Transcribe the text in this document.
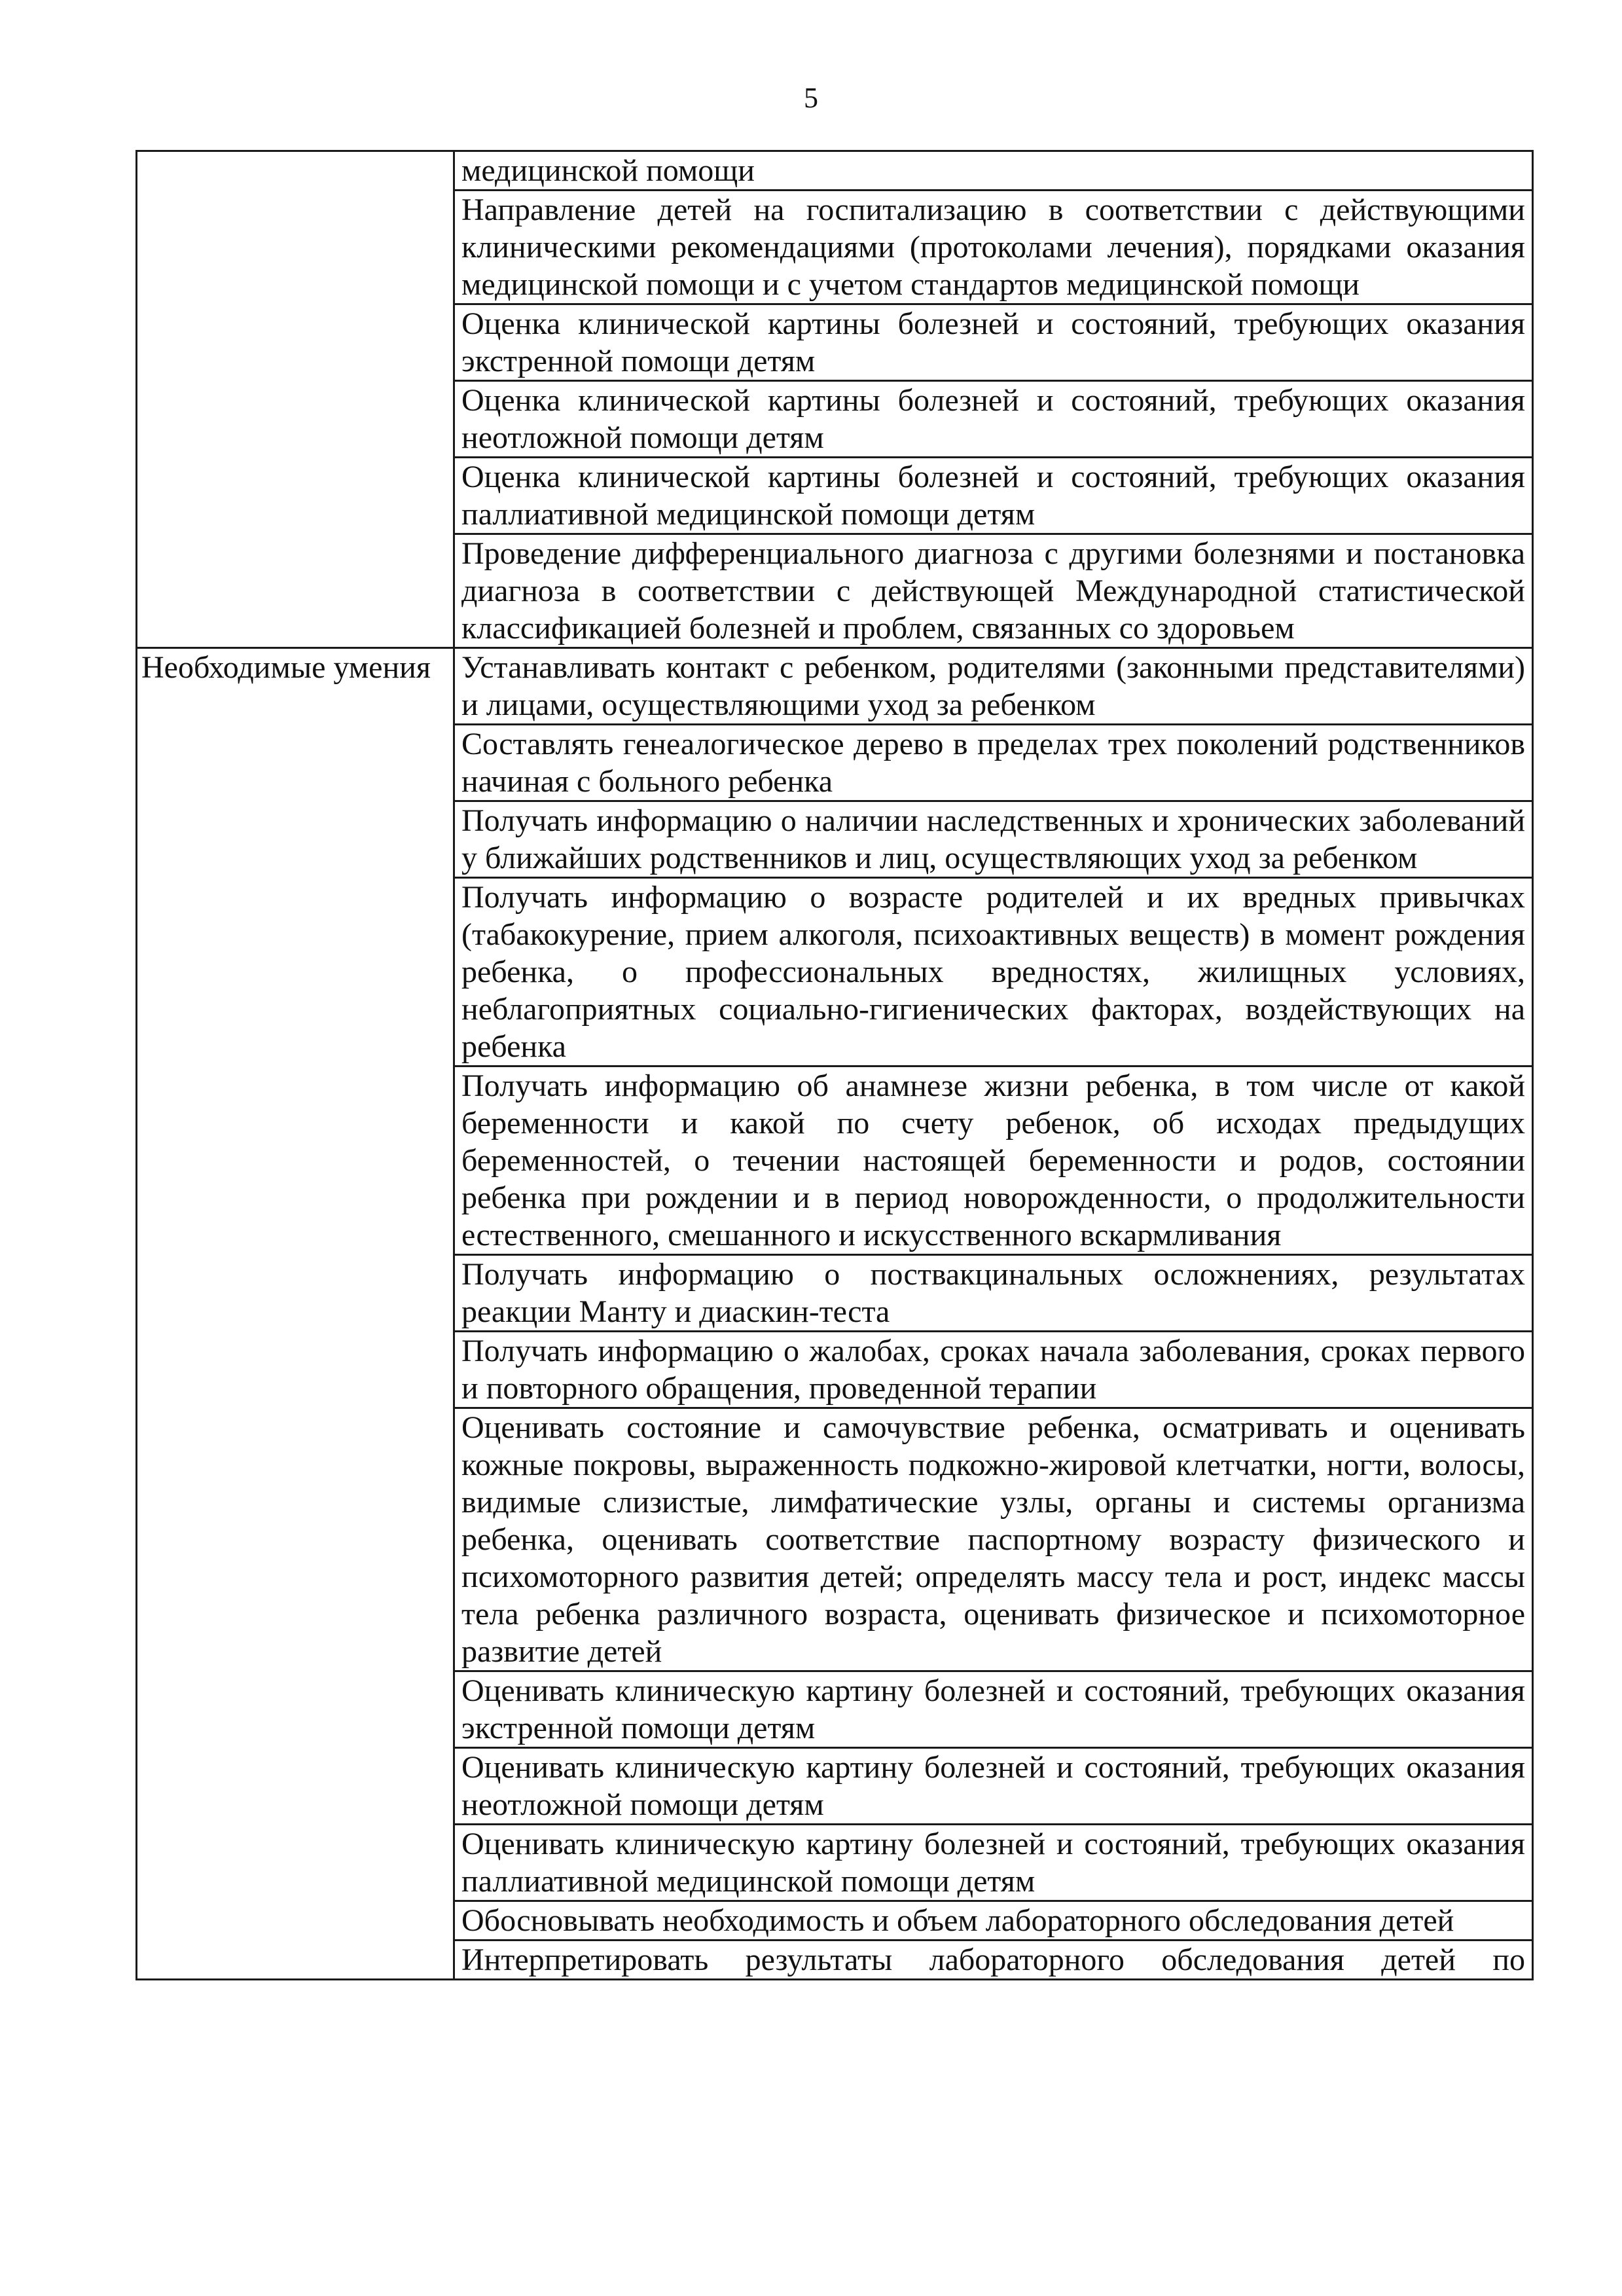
5
	медицинской помощи
	Направление детей на госпитализацию в соответствии с действующими клиническими рекомендациями (протоколами лечения), порядками оказания медицинской помощи и с учетом стандартов медицинской помощи
	Оценка клинической картины болезней и состояний, требующих оказания экстренной помощи детям
	Оценка клинической картины болезней и состояний, требующих оказания неотложной помощи детям
	Оценка клинической картины болезней и состояний, требующих оказания паллиативной медицинской помощи детям
	Проведение дифференциального диагноза с другими болезнями и постановка диагноза в соответствии с действующей Международной статистической классификацией болезней и проблем, связанных со здоровьем
Необходимые умения	Устанавливать контакт с ребенком, родителями (законными представителями) и лицами, осуществляющими уход за ребенком
	Составлять генеалогическое дерево в пределах трех поколений родственников начиная с больного ребенка
	Получать информацию о наличии наследственных и хронических заболеваний у ближайших родственников и лиц, осуществляющих уход за ребенком
	Получать информацию о возрасте родителей и их вредных привычках (табакокурение, прием алкоголя, психоактивных веществ) в момент рождения ребенка, о профессиональных вредностях, жилищных условиях, неблагоприятных социально-гигиенических факторах, воздействующих на ребенка
	Получать информацию об анамнезе жизни ребенка, в том числе от какой беременности и какой по счету ребенок, об исходах предыдущих беременностей, о течении настоящей беременности и родов, состоянии ребенка при рождении и в период новорожденности, о продолжительности естественного, смешанного и искусственного вскармливания
	Получать информацию о поствакцинальных осложнениях, результатах реакции Манту и диаскин-теста
	Получать информацию о жалобах, сроках начала заболевания, сроках первого и повторного обращения, проведенной терапии
	Оценивать состояние и самочувствие ребенка, осматривать и оценивать кожные покровы, выраженность подкожно-жировой клетчатки, ногти, волосы, видимые слизистые, лимфатические узлы, органы и системы организма ребенка, оценивать соответствие паспортному возрасту физического и психомоторного развития детей; определять массу тела и рост, индекс массы тела ребенка различного возраста, оценивать физическое и психомоторное развитие детей
	Оценивать клиническую картину болезней и состояний, требующих оказания экстренной помощи детям
	Оценивать клиническую картину болезней и состояний, требующих оказания неотложной помощи детям
	Оценивать клиническую картину болезней и состояний, требующих оказания паллиативной медицинской помощи детям
	Обосновывать необходимость и объем лабораторного обследования детей
	Интерпретировать результаты лабораторного обследования детей по
